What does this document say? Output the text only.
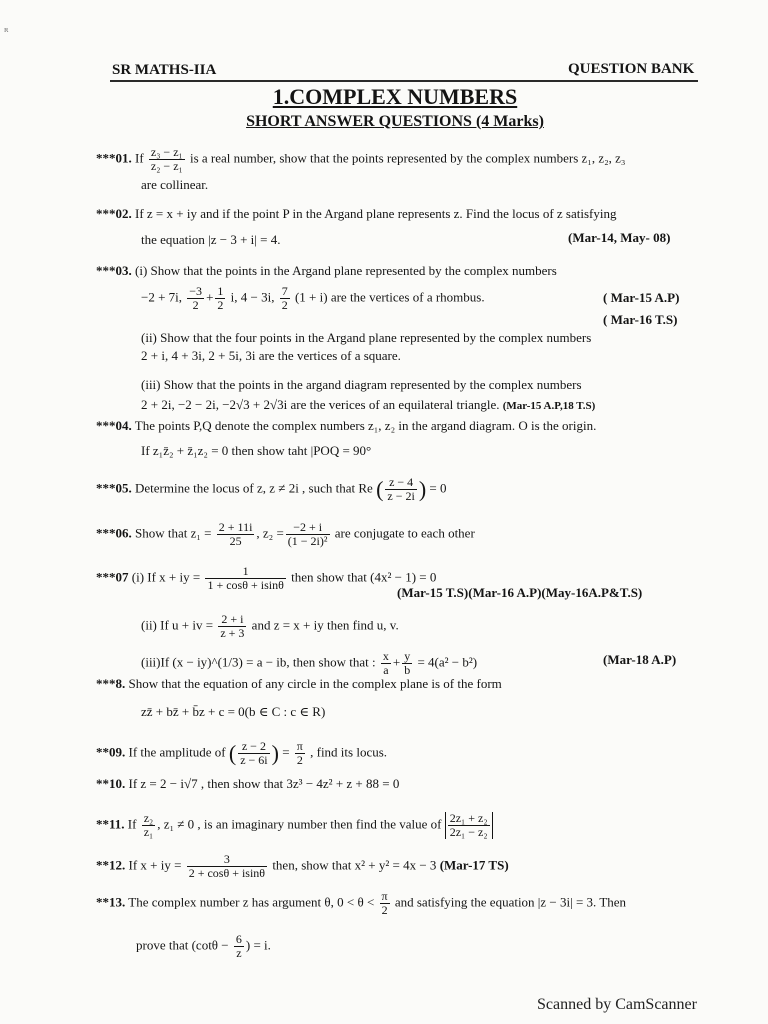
ᴿ
SR MATHS-IIA	QUESTION BANK
1.COMPLEX NUMBERS
SHORT ANSWER QUESTIONS (4 Marks)
***01. If $\frac{\text{z₃ − z₁}}{\text{z₂ − z₁}}$ is a real number, show that the points represented by the complex numbers z₁, z₂, z₃
are collinear.
***02. If z = x + iy and if the point P in the Argand plane represents z. Find the locus of z satisfying
the equation |z − 3 + i| = 4.	(Mar-14, May- 08)
***03. (i) Show that the points in the Argand plane represented by the complex numbers
−2 + 7i, $\frac{-3}{2} + \frac{1}{2} i$, 4 − 3i, $\frac{7}{2} (1 + i)$ are the vertices of a rhombus.	( Mar-15 A.P)
( Mar-16 T.S)
(ii) Show that the four points in the Argand plane represented by the complex numbers
2 + i, 4 + 3i, 2 + 5i, 3i are the vertices of a square.
(iii) Show that the points in the argand diagram represented by the complex numbers
2 + 2i, −2 − 2i, −2√3 + 2√3i are the verices of an equilateral triangle. (Mar-15 A.P,18 T.S)
***04. The points P,Q denote the complex numbers z₁, z₂ in the argand diagram. O is the origin.
If z₁z̄₂ + z̄₁z₂ = 0 then show taht |POQ = 90°
***05. Determine the locus of z, z ≠ 2i , such that Re ( $\frac{z - 4}{z - 2i}$ ) = 0
***06. Show that $z_1 = \frac{2 + 11i}{25}$ , $z_2 = \frac{-2 + i}{\text{(1 − 2i)²}}$ are conjugate to each other
***07 (i) If x + iy = $\frac{1}{1 + \cos\theta + isin\theta}$ then show that (4x² − 1) = 0
(Mar-15 T.S)(Mar-16 A.P)(May-16A.P&T.S)
(ii) If u + iv = $\frac{2 + i}{z + 3}$ and z = x + iy then find u, v.
(iii)If (x − iy)^(1/3) = a − ib, then show that : $\frac{x}{a} + \frac{y}{b} = 4(a^2 - b^2)$	(Mar-18 A.P)
***8. Show that the equation of any circle in the complex plane is of the form
zz̄ + bz̄ + b̄z + c = 0(b ∈ C : c ∈ R)
**09. If the amplitude of ( $\frac{z - 2}{z - 6i}$ ) = $\frac{\pi}{2}$ , find its locus.
**10. If z = 2 − i√7 , then show that 3z³ − 4z² + z + 88 = 0
**11. If $\frac{\text{z₂}}{\text{z₁}}$ , z₁ ≠ 0 , is an imaginary number then find the value of $\frac{\text{2z₁ + z₂}}{\text{2z₁ − z₂}}$
**12. If x + iy = $\frac{3}{2 + \cos\theta + isin\theta}$ then, show that x² + y² = 4x − 3 (Mar-17 TS)
**13. The complex number z has argument θ, $0 < \theta < \frac{\pi}{2}$ and satisfying the equation |z − 3i| = 3. Then
prove that ($\cot\theta - \frac{6}{z}$ ) = i.
Scanned by CamScanner
